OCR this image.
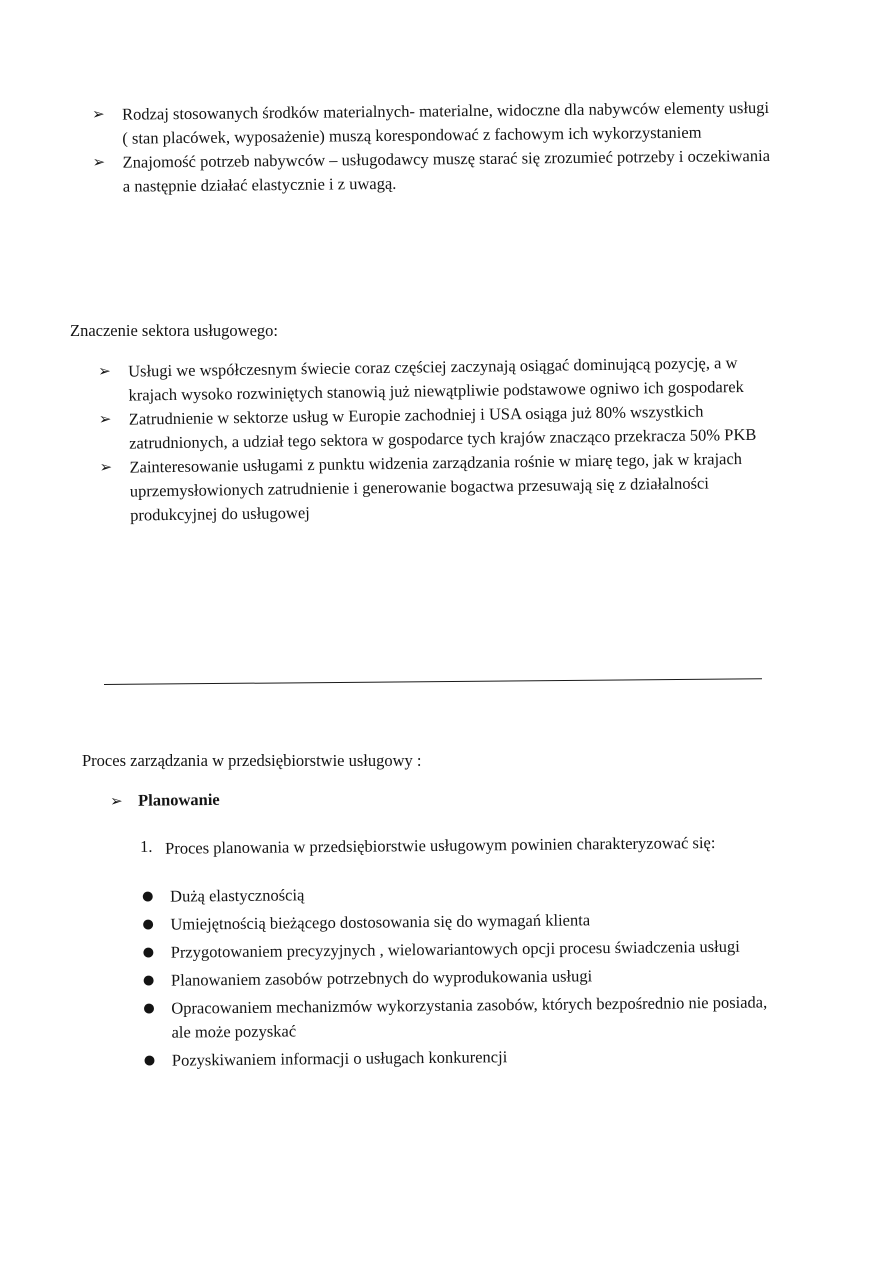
➢ Rodzaj stosowanych środków materialnych- materialne, widoczne dla nabywców elementy usługi ( stan placówek, wyposażenie) muszą korespondować z fachowym ich wykorzystaniem
➢ Znajomość potrzeb nabywców – usługodawcy muszę starać się zrozumieć potrzeby i oczekiwania a następnie działać elastycznie i z uwagą.
Znaczenie sektora usługowego:
➢ Usługi we współczesnym świecie coraz częściej zaczynają osiągać dominującą pozycję, a w krajach wysoko rozwiniętych stanowią już niewątpliwie podstawowe ogniwo ich gospodarek
➢ Zatrudnienie w sektorze usług w Europie zachodniej i USA osiąga już 80% wszystkich zatrudnionych, a udział tego sektora w gospodarce tych krajów znacząco przekracza 50% PKB
➢ Zainteresowanie usługami z punktu widzenia zarządzania rośnie w miarę tego, jak w krajach uprzemysłowionych zatrudnienie i generowanie bogactwa przesuwają się z działalności produkcyjnej do usługowej
Proces zarządzania w przedsiębiorstwie usługowy :
➢ Planowanie
1. Proces planowania w przedsiębiorstwie usługowym powinien charakteryzować się:
● Dużą elastycznością
● Umiejętnością bieżącego dostosowania się do wymagań klienta
● Przygotowaniem precyzyjnych , wielowariantowych opcji procesu świadczenia usługi
● Planowaniem zasobów potrzebnych do wyprodukowania usługi
● Opracowaniem mechanizmów wykorzystania zasobów, których bezpośrednio nie posiada, ale może pozyskać
● Pozyskiwaniem informacji o usługach konkurencji
